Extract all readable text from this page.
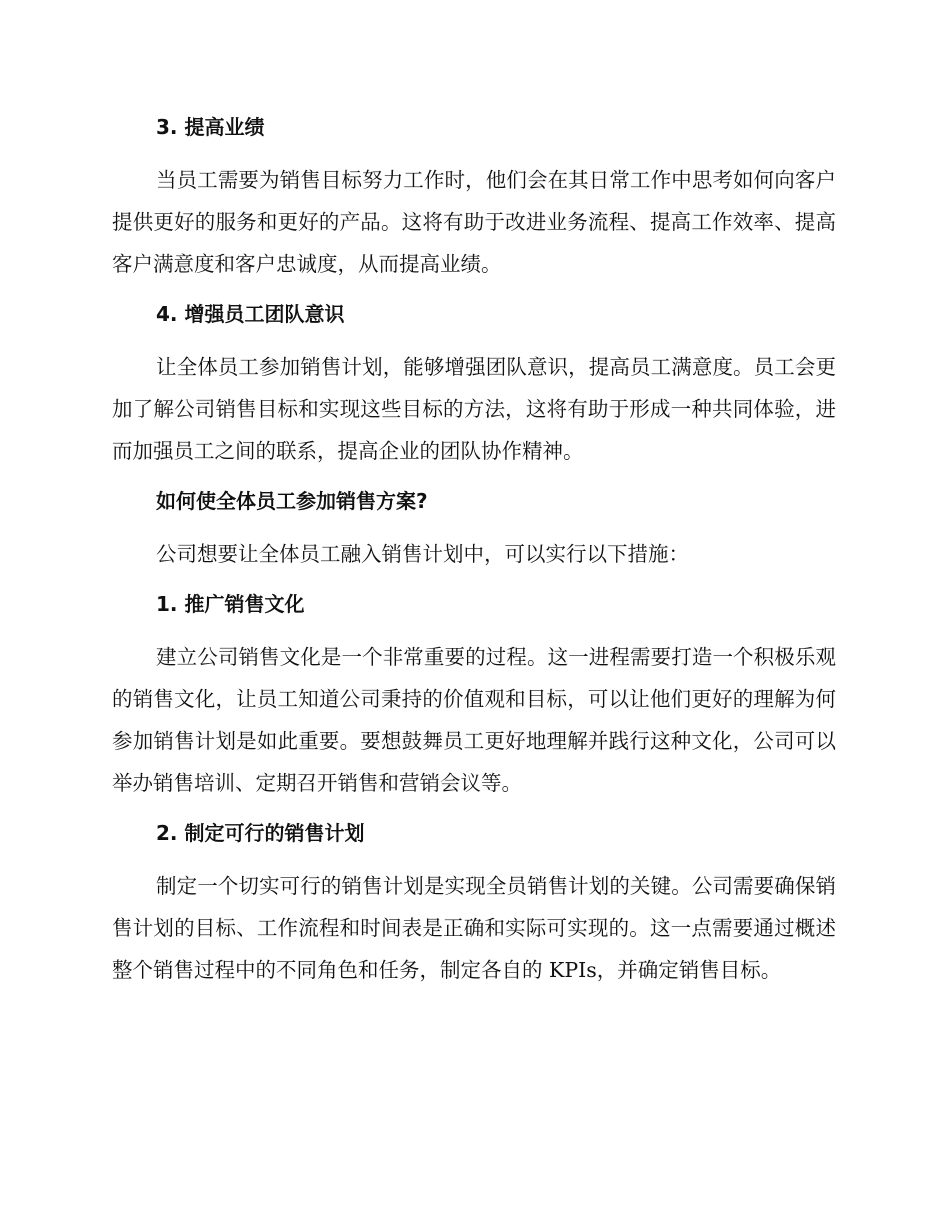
3. 提高业绩

当员工需要为销售目标努力工作时，他们会在其日常工作中思考如何向客户提供更好的服务和更好的产品。这将有助于改进业务流程、提高工作效率、提高客户满意度和客户忠诚度，从而提高业绩。

4. 增强员工团队意识

让全体员工参加销售计划，能够增强团队意识，提高员工满意度。员工会更加了解公司销售目标和实现这些目标的方法，这将有助于形成一种共同体验，进而加强员工之间的联系，提高企业的团队协作精神。

如何使全体员工参加销售方案?

公司想要让全体员工融入销售计划中，可以实行以下措施：

1. 推广销售文化

建立公司销售文化是一个非常重要的过程。这一进程需要打造一个积极乐观的销售文化，让员工知道公司秉持的价值观和目标，可以让他们更好的理解为何参加销售计划是如此重要。要想鼓舞员工更好地理解并践行这种文化，公司可以举办销售培训、定期召开销售和营销会议等。

2. 制定可行的销售计划

制定一个切实可行的销售计划是实现全员销售计划的关键。公司需要确保销售计划的目标、工作流程和时间表是正确和实际可实现的。这一点需要通过概述整个销售过程中的不同角色和任务，制定各自的 KPIs，并确定销售目标。
